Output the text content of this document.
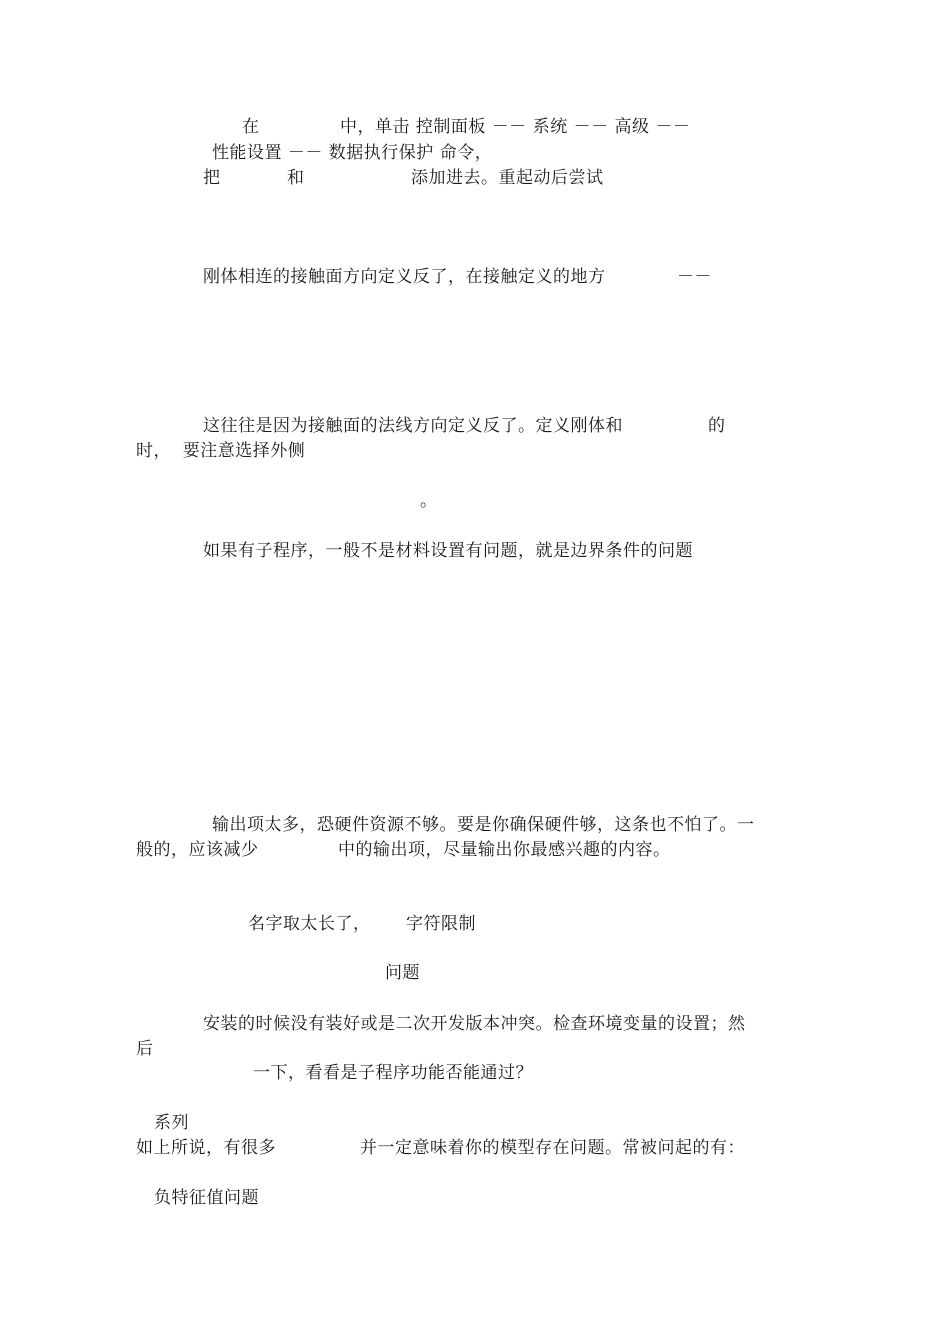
在	中，单击 控制面板 －－ 系统 －－ 高级 －－
性能设置 －－ 数据执行保护 命令，
把	和	添加进去。重起动后尝试
刚体相连的接触面方向定义反了，在接触定义的地方	－－
这往往是因为接触面的法线方向定义反了。定义刚体和	的
时，  要注意选择外侧
。
如果有子程序，一般不是材料设置有问题，就是边界条件的问题
输出项太多，恐硬件资源不够。要是你确保硬件够，这条也不怕了。一
般的，应该减少	中的输出项，尽量输出你最感兴趣的内容。
名字取太长了， 字符限制
问题
安装的时候没有装好或是二次开发版本冲突。检查环境变量的设置；然
后
一下，看看是子程序功能否能通过？
系列
如上所说，有很多	并一定意味着你的模型存在问题。常被问起的有：
负特征值问题
